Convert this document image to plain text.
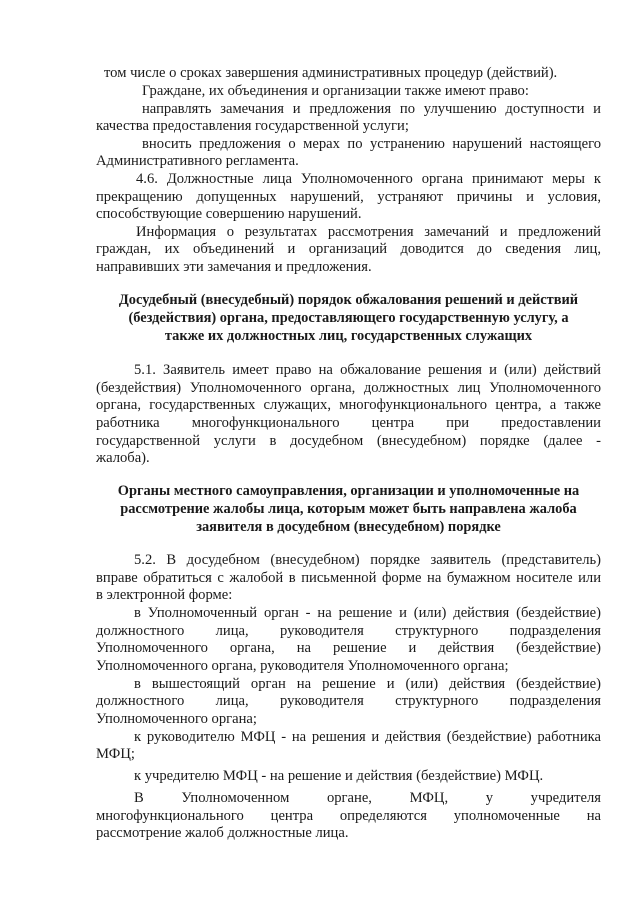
том числе о сроках завершения административных процедур (действий).
Граждане, их объединения и организации также имеют право:
направлять замечания и предложения по улучшению доступности и
качества предоставления государственной услуги;
вносить предложения о мерах по устранению нарушений настоящего
Административного регламента.
4.6. Должностные лица Уполномоченного органа принимают меры к
прекращению допущенных нарушений, устраняют причины и условия,
способствующие совершению нарушений.
Информация о результатах рассмотрения замечаний и предложений
граждан, их объединений и организаций доводится до сведения лиц,
направивших эти замечания и предложения.
Досудебный (внесудебный) порядок обжалования решений и действий
(бездействия) органа, предоставляющего государственную услугу, а
также их должностных лиц, государственных служащих
5.1. Заявитель имеет право на обжалование решения и (или) действий
(бездействия) Уполномоченного органа, должностных лиц Уполномоченного
органа, государственных служащих, многофункционального центра, а также
работника многофункционального центра при предоставлении
государственной услуги в досудебном (внесудебном) порядке (далее -
жалоба).
Органы местного самоуправления, организации и уполномоченные на
рассмотрение жалобы лица, которым может быть направлена жалоба
заявителя в досудебном (внесудебном) порядке
5.2. В досудебном (внесудебном) порядке заявитель (представитель)
вправе обратиться с жалобой в письменной форме на бумажном носителе или
в электронной форме:
в Уполномоченный орган - на решение и (или) действия (бездействие)
должностного лица, руководителя структурного подразделения
Уполномоченного органа, на решение и действия (бездействие)
Уполномоченного органа, руководителя Уполномоченного органа;
в вышестоящий орган на решение и (или) действия (бездействие)
должностного лица, руководителя структурного подразделения
Уполномоченного органа;
к руководителю МФЦ - на решения и действия (бездействие) работника
МФЦ;
к учредителю МФЦ - на решение и действия (бездействие) МФЦ.
В Уполномоченном органе, МФЦ, у учредителя
многофункционального центра определяются уполномоченные на
рассмотрение жалоб должностные лица.
